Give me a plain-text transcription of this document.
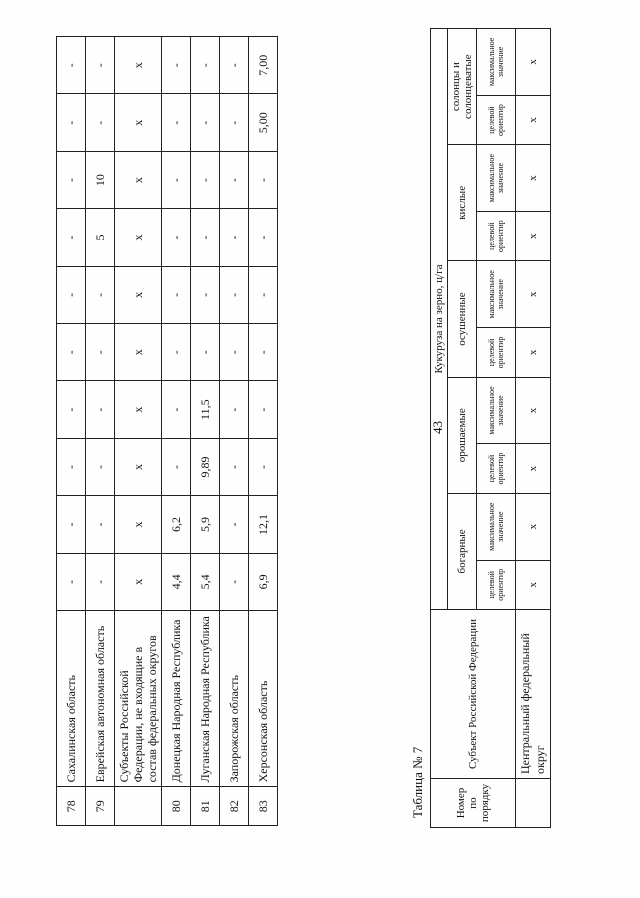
43
78	Сахалинская область	-	-	-	-	-	-	-	-	-	-
79	Еврейская автономная область	-	-	-	-	-	-	5	10	-	-
	Субъекты Российской Федерации, не входящие в состав федеральных округов	x	x	x	x	x	x	x	x	x	x
80	Донецкая Народная Республика	4,4	6,2	-	-	-	-	-	-	-	-
81	Луганская Народная Республика	5,4	5,9	9,89	11,5	-	-	-	-	-	-
82	Запорожская область	-	-	-	-	-	-	-	-	-	-
83	Херсонская область	6,9	12,1	-	-	-	-	-	-	5,00	7,00
Таблица № 7	Номер по порядку	Субъект Российской Федерации	Кукуруза на зерно, ц/га									
		богарные		орошаемые		осушенные		кислые		солонцы и солонцеватые	
		целевой ориентир	максимальное значение	целевой ориентир	максимальное значение	целевой ориентир	максимальное значение	целевой ориентир	максимальное значение	целевой ориентир	максимальное значение
	Центральный федеральный округ	x	x	x	x	x	x	x	x	x	x
